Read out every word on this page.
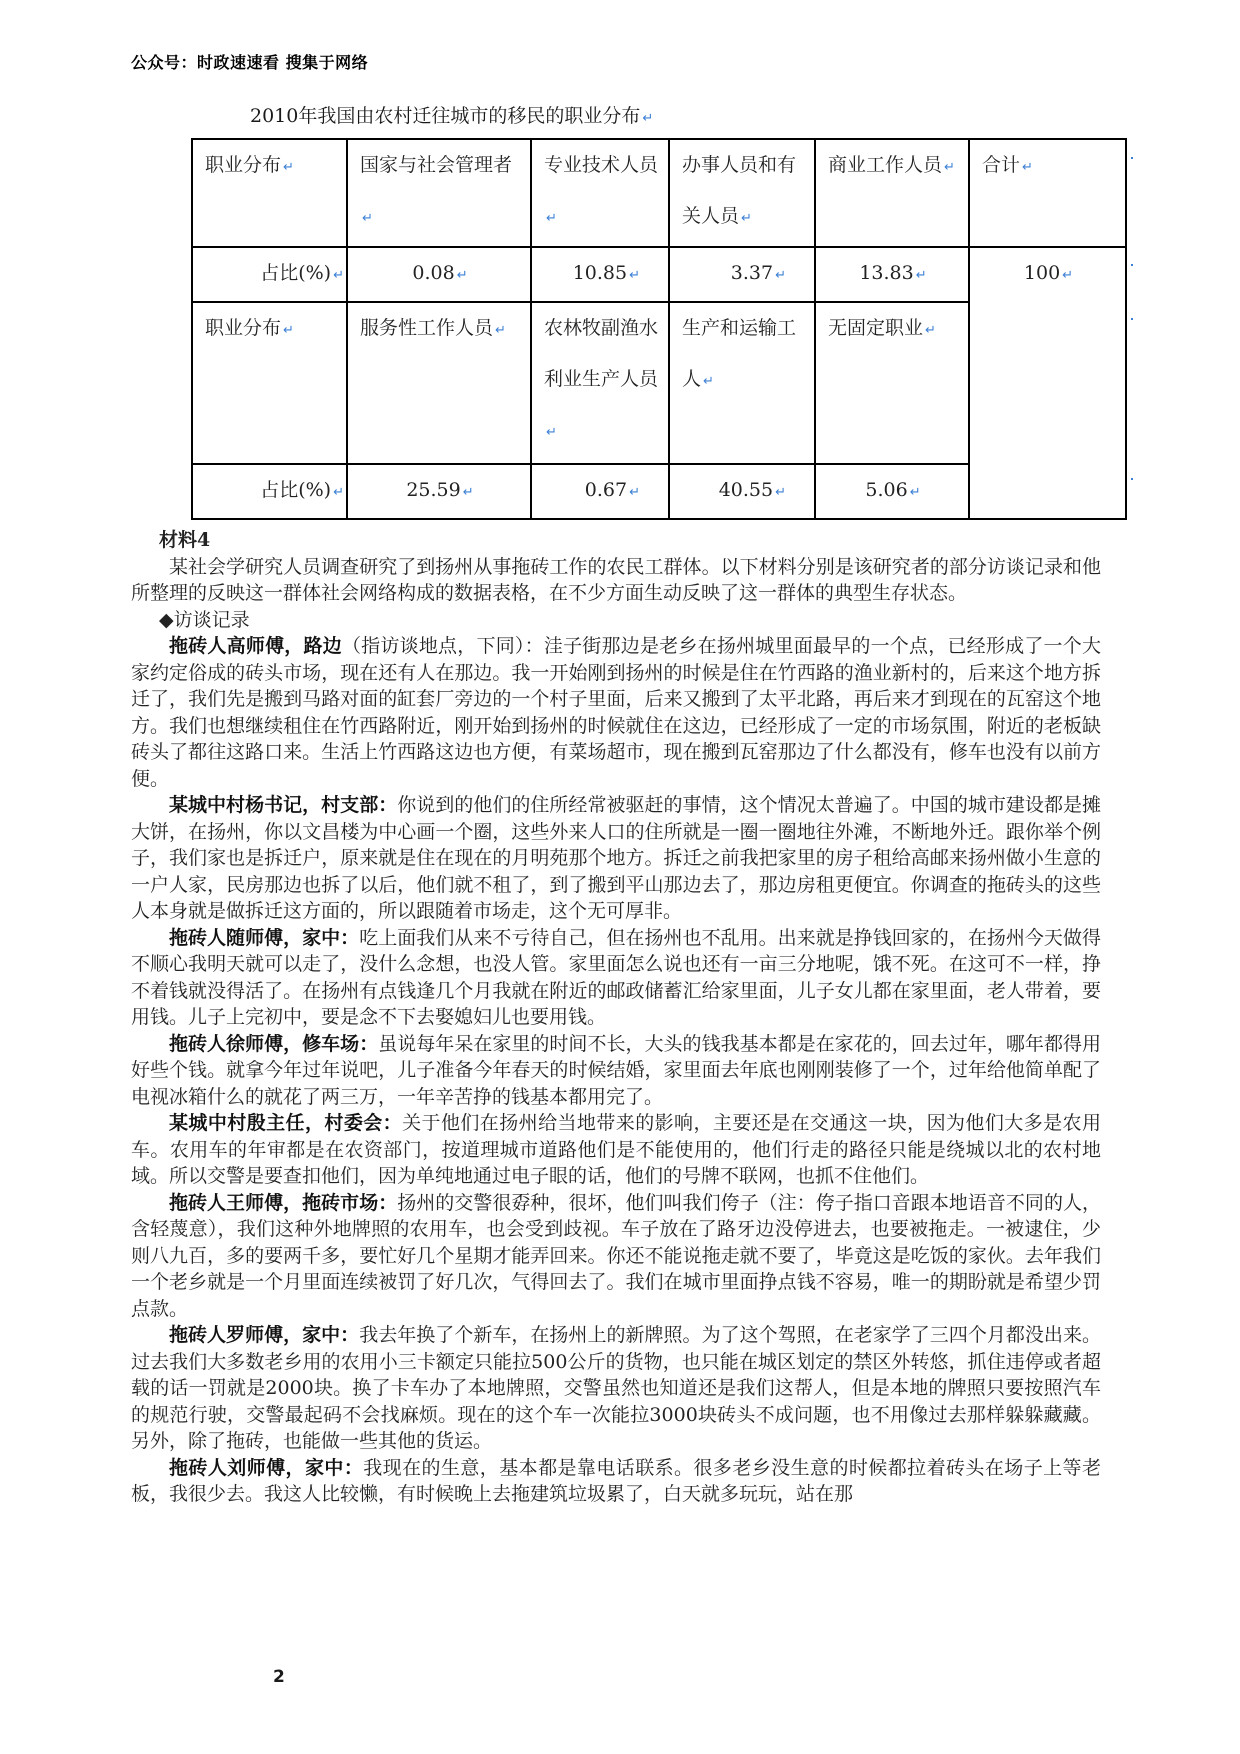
公众号：时政速速看 搜集于网络
2010年我国由农村迁往城市的移民的职业分布 ↵
职业分布 ↵	国家与社会管理者↵	专业技术人员↵	办事人员和有关人员 ↵	商业工作人员 ↵	合计 ↵

占比(%) ↵	0.08 ↵	10.85 ↵	3.37 ↵	13.83 ↵	100 ↵

职业分布 ↵	服务性工作人员 ↵	农林牧副渔水利业生产人员↵	生产和运输工人 ↵	无固定职业 ↵	

占比(%) ↵	25.59 ↵	0.67 ↵	40.55 ↵	5.06 ↵	

材料4

某社会学研究人员调查研究了到扬州从事拖砖工作的农民工群体。以下材料分别是该研究者的部分访谈记录和他所整理的反映这一群体社会网络构成的数据表格，在不少方面生动反映了这一群体的典型生存状态。

◆访谈记录

拖砖人高师傅，路边（指访谈地点，下同）：洼子街那边是老乡在扬州城里面最早的一个点，已经形成了一个大家约定俗成的砖头市场，现在还有人在那边。我一开始刚到扬州的时候是住在竹西路的渔业新村的，后来这个地方拆迁了，我们先是搬到马路对面的缸套厂旁边的一个村子里面，后来又搬到了太平北路，再后来才到现在的瓦窑这个地方。我们也想继续租住在竹西路附近，刚开始到扬州的时候就住在这边，已经形成了一定的市场氛围，附近的老板缺砖头了都往这路口来。生活上竹西路这边也方便，有菜场超市，现在搬到瓦窑那边了什么都没有，修车也没有以前方便。

某城中村杨书记，村支部：你说到的他们的住所经常被驱赶的事情，这个情况太普遍了。中国的城市建设都是摊大饼，在扬州，你以文昌楼为中心画一个圈，这些外来人口的住所就是一圈一圈地往外滩，不断地外迁。跟你举个例子，我们家也是拆迁户，原来就是住在现在的月明苑那个地方。拆迁之前我把家里的房子租给高邮来扬州做小生意的一户人家，民房那边也拆了以后，他们就不租了，到了搬到平山那边去了，那边房租更便宜。你调查的拖砖头的这些人本身就是做拆迁这方面的，所以跟随着市场走，这个无可厚非。

拖砖人随师傅，家中：吃上面我们从来不亏待自己，但在扬州也不乱用。出来就是挣钱回家的，在扬州今天做得不顺心我明天就可以走了，没什么念想，也没人管。家里面怎么说也还有一亩三分地呢，饿不死。在这可不一样，挣不着钱就没得活了。在扬州有点钱逢几个月我就在附近的邮政储蓄汇给家里面，儿子女儿都在家里面，老人带着，要用钱。儿子上完初中，要是念不下去娶媳妇儿也要用钱。

拖砖人徐师傅，修车场：虽说每年呆在家里的时间不长，大头的钱我基本都是在家花的，回去过年，哪年都得用好些个钱。就拿今年过年说吧，儿子准备今年春天的时候结婚，家里面去年底也刚刚装修了一个，过年给他简单配了电视冰箱什么的就花了两三万，一年辛苦挣的钱基本都用完了。

某城中村殷主任，村委会：关于他们在扬州给当地带来的影响，主要还是在交通这一块，因为他们大多是农用车。农用车的年审都是在农资部门，按道理城市道路他们是不能使用的，他们行走的路径只能是绕城以北的农村地域。所以交警是要查扣他们，因为单纯地通过电子眼的话，他们的号牌不联网，也抓不住他们。

拖砖人王师傅，拖砖市场：扬州的交警很孬种，很坏，他们叫我们侉子（注：侉子指口音跟本地语音不同的人，含轻蔑意），我们这种外地牌照的农用车，也会受到歧视。车子放在了路牙边没停进去，也要被拖走。一被逮住，少则八九百，多的要两千多，要忙好几个星期才能弄回来。你还不能说拖走就不要了，毕竟这是吃饭的家伙。去年我们一个老乡就是一个月里面连续被罚了好几次，气得回去了。我们在城市里面挣点钱不容易，唯一的期盼就是希望少罚点款。

拖砖人罗师傅，家中：我去年换了个新车，在扬州上的新牌照。为了这个驾照，在老家学了三四个月都没出来。过去我们大多数老乡用的农用小三卡额定只能拉500公斤的货物，也只能在城区划定的禁区外转悠，抓住违停或者超载的话一罚就是2000块。换了卡车办了本地牌照，交警虽然也知道还是我们这帮人，但是本地的牌照只要按照汽车的规范行驶，交警最起码不会找麻烦。现在的这个车一次能拉3000块砖头不成问题，也不用像过去那样躲躲藏藏。另外，除了拖砖，也能做一些其他的货运。

拖砖人刘师傅，家中：我现在的生意，基本都是靠电话联系。很多老乡没生意的时候都拉着砖头在场子上等老板，我很少去。我这人比较懒，有时候晚上去拖建筑垃圾累了，白天就多玩玩，站在那

2
